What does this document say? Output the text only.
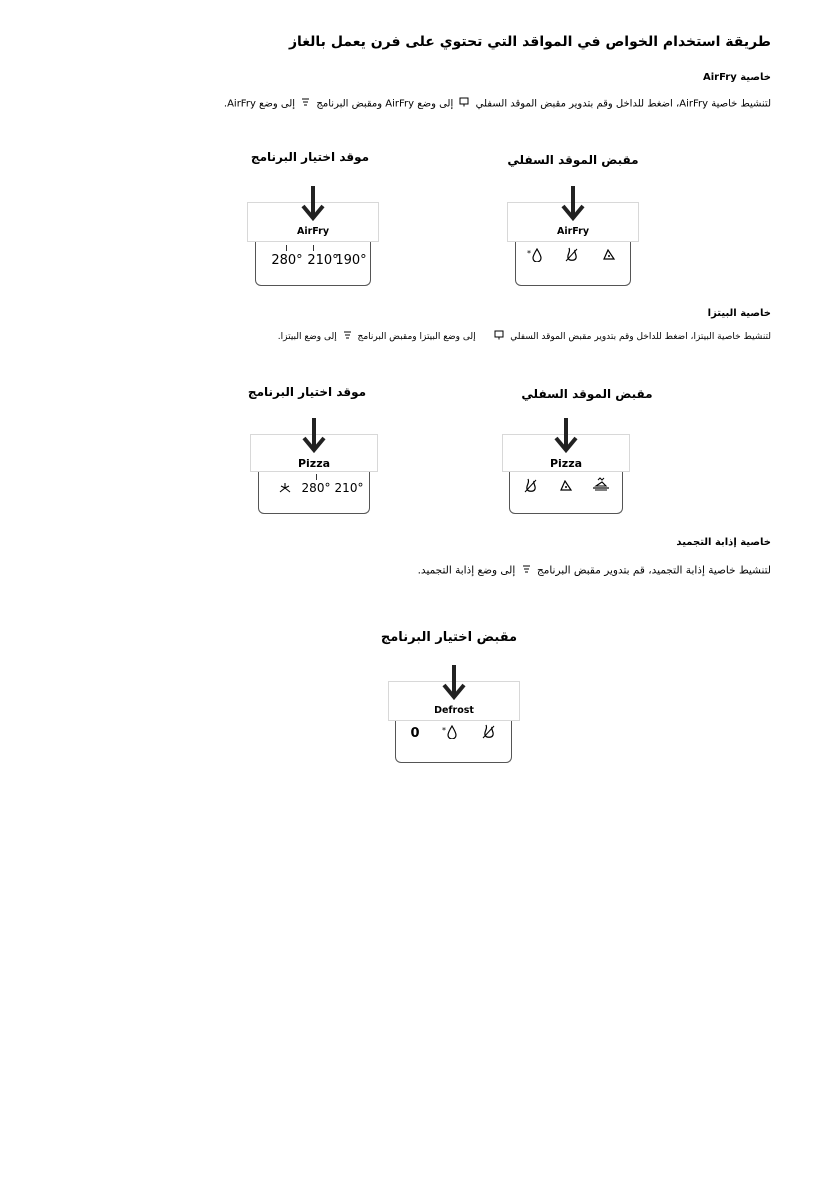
طريقة استخدام الخواص في المواقد التي تحتوي على فرن يعمل بالغاز
خاصية AirFry
لتنشيط خاصية AirFry، اضغط للداخل وقم بتدوير مقبض الموقد السفلي  إلى وضع AirFry ومقبض البرنامج  إلى وضع AirFry.
موقد اختيار البرنامج	مقبض الموقد السفلي
AirFry
280° 210°
190°
AirFry
*
خاصية البيتزا
لتنشيط خاصية البيتزا، اضغط للداخل وقم بتدوير مقبض الموقد السفلي   إلى وضع البيتزا ومقبض البرنامج  إلى وضع البيتزا.
موقد اختيار البرنامج	مقبض الموقد السفلي
Pizza
280° 210°
Pizza
خاصية إذابة التجميد
لتنشيط خاصية إذابة التجميد، قم بتدوير مقبض البرنامج  إلى وضع إذابة التجميد.
مقبض اختيار البرنامج
Defrost
0	*
